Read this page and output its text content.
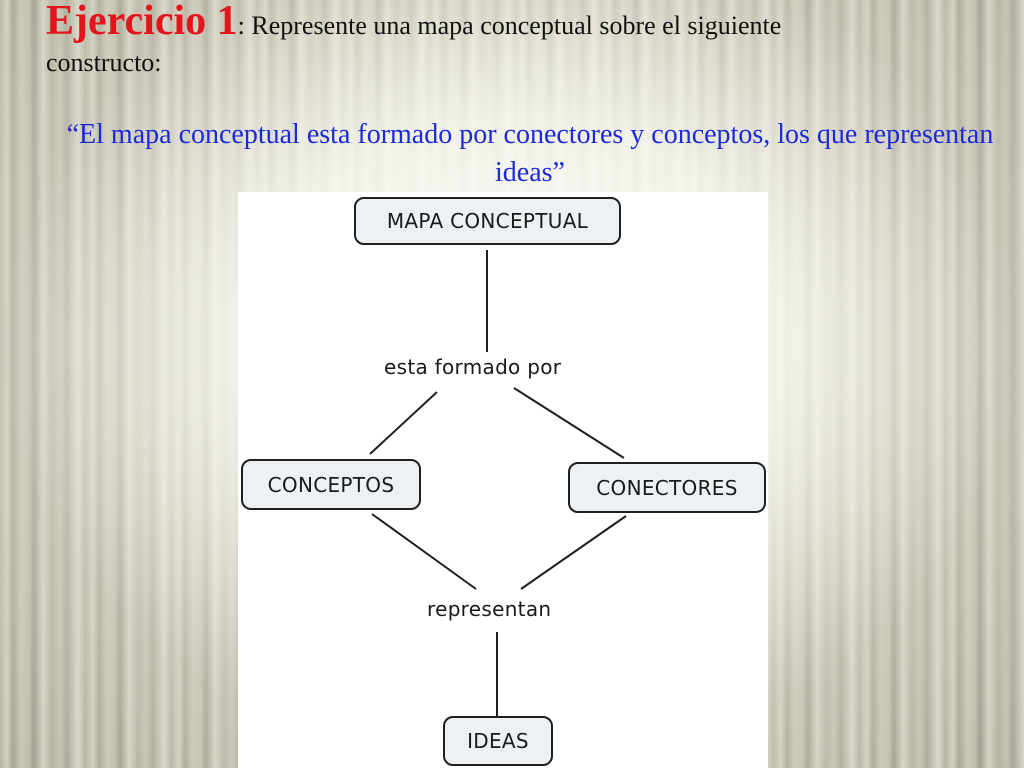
Ejercicio 1: Represente una mapa conceptual sobre el siguiente

constructo:
“El mapa conceptual esta formado por conectores y conceptos, los que representan ideas”
MAPA CONCEPTUAL
esta formado por
CONCEPTOS	CONECTORES
representan
IDEAS
